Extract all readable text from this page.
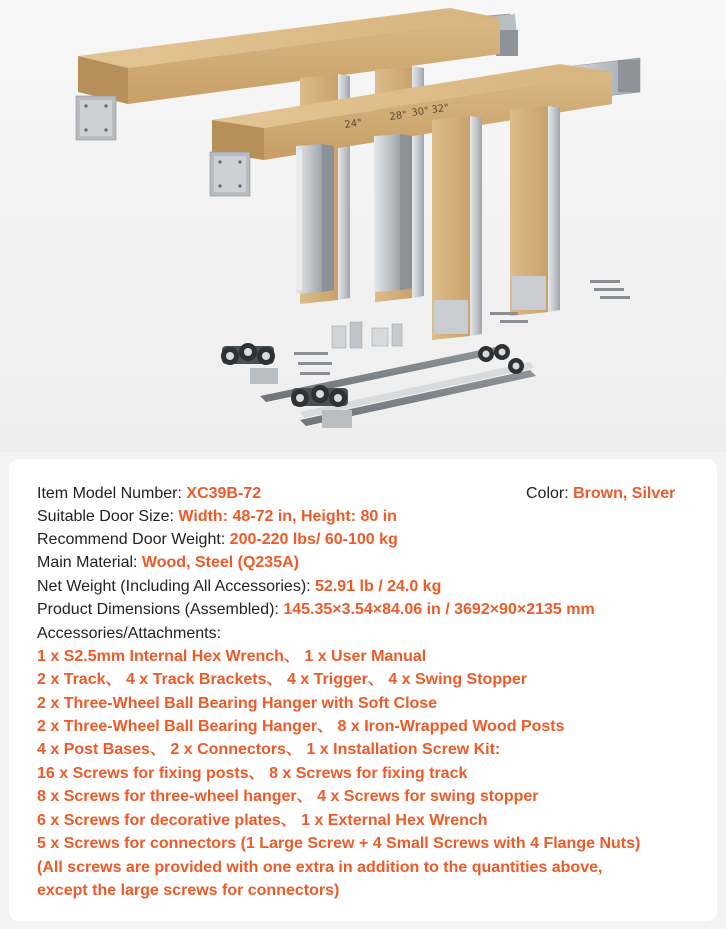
24"
28" 30" 32"
Item Model Number: XC39B-72	Color: Brown, Silver
Suitable Door Size: Width: 48-72 in, Height: 80 in
Recommend Door Weight: 200-220 lbs/ 60-100 kg
Main Material: Wood, Steel (Q235A)
Net Weight (Including All Accessories): 52.91 lb / 24.0 kg
Product Dimensions (Assembled): 145.35×3.54×84.06 in / 3692×90×2135 mm
Accessories/Attachments:
1 x S2.5mm Internal Hex Wrench、 1 x User Manual
2 x Track、 4 x Track Brackets、 4 x Trigger、 4 x Swing Stopper
2 x Three-Wheel Ball Bearing Hanger with Soft Close
2 x Three-Wheel Ball Bearing Hanger、 8 x Iron-Wrapped Wood Posts
4 x Post Bases、 2 x Connectors、 1 x Installation Screw Kit:
16 x Screws for fixing posts、 8 x Screws for fixing track
8 x Screws for three-wheel hanger、 4 x Screws for swing stopper
6 x Screws for decorative plates、 1 x External Hex Wrench
5 x Screws for connectors (1 Large Screw + 4 Small Screws with 4 Flange Nuts)
(All screws are provided with one extra in addition to the quantities above,
except the large screws for connectors)
